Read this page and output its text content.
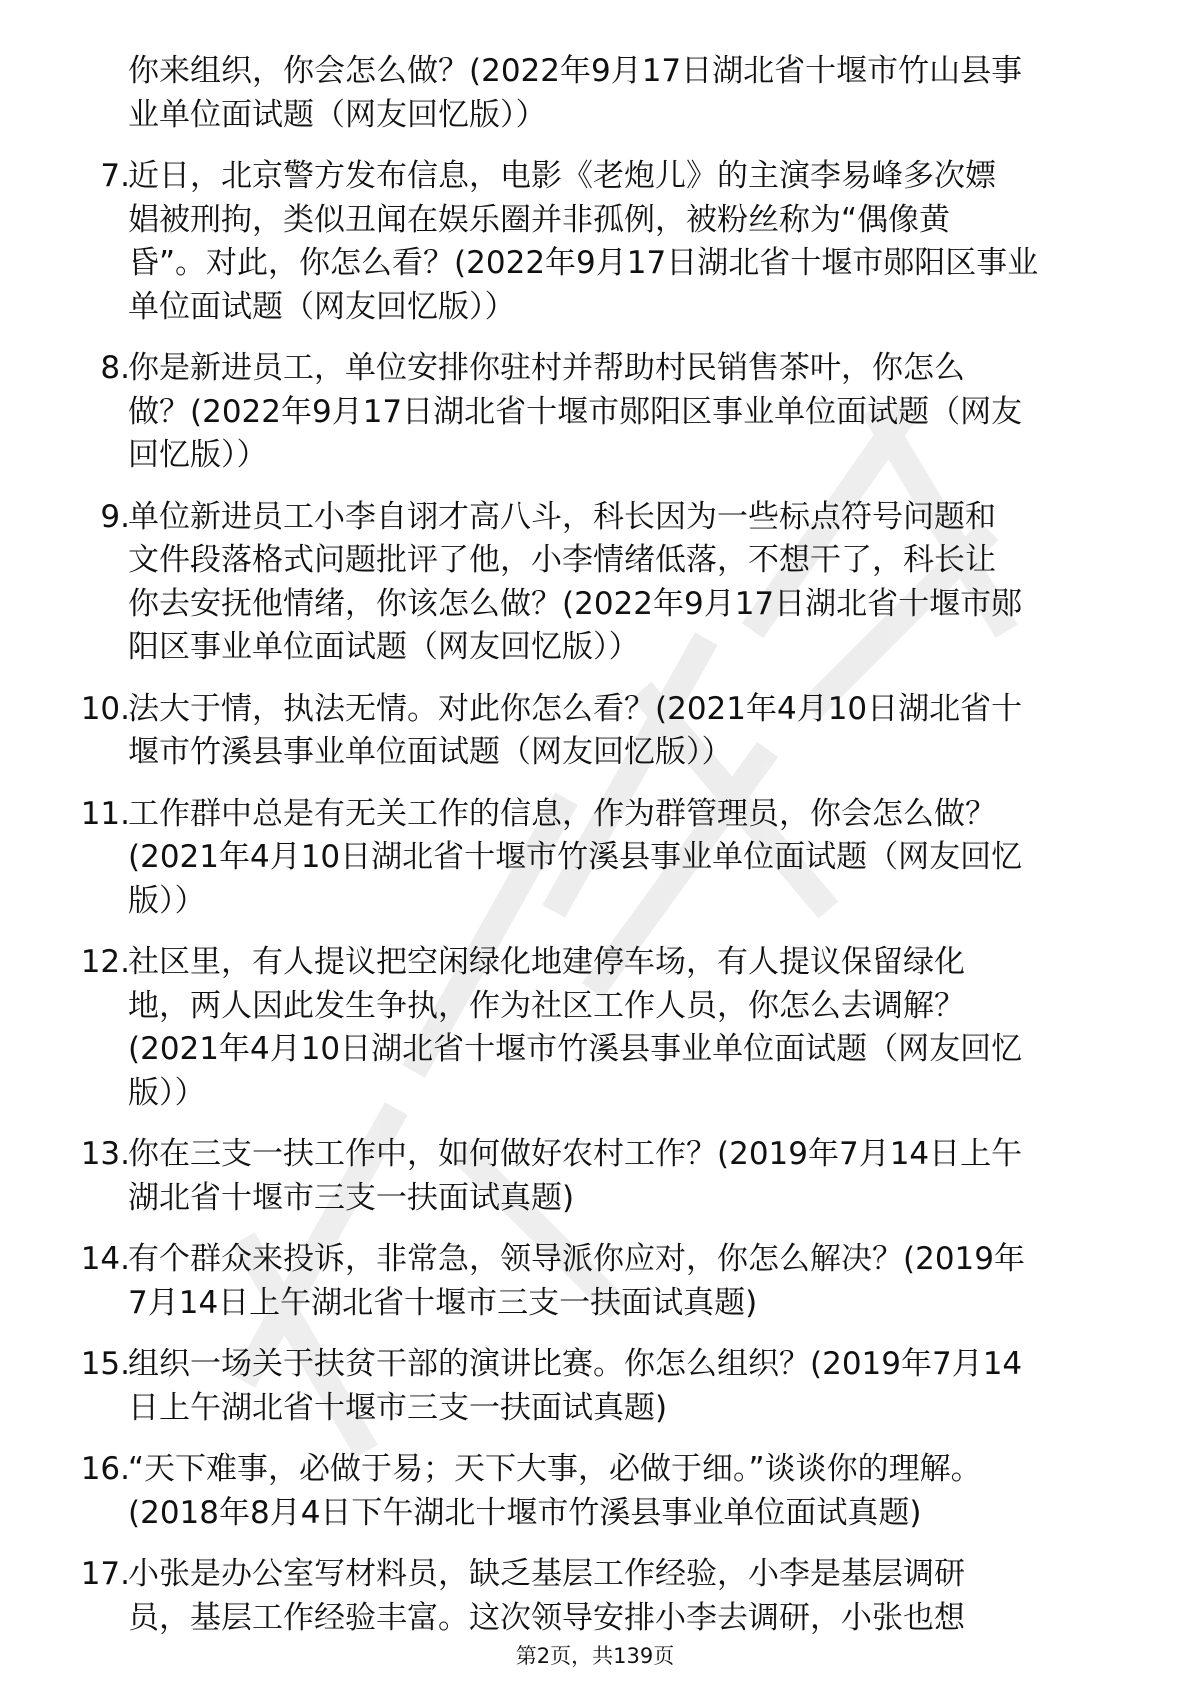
你来组织，你会怎么做？(2022年9月17日湖北省十堰市竹山县事
业单位面试题（网友回忆版））
7.
近日，北京警方发布信息，电影《老炮儿》的主演李易峰多次嫖
娼被刑拘，类似丑闻在娱乐圈并非孤例，被粉丝称为“偶像黄
昏”。对此，你怎么看？(2022年9月17日湖北省十堰市郧阳区事业
单位面试题（网友回忆版））
8.
你是新进员工，单位安排你驻村并帮助村民销售茶叶，你怎么
做？(2022年9月17日湖北省十堰市郧阳区事业单位面试题（网友
回忆版））
9.
单位新进员工小李自诩才高八斗，科长因为一些标点符号问题和
文件段落格式问题批评了他，小李情绪低落，不想干了，科长让
你去安抚他情绪，你该怎么做？(2022年9月17日湖北省十堰市郧
阳区事业单位面试题（网友回忆版））
10.
法大于情，执法无情。对此你怎么看？(2021年4月10日湖北省十
堰市竹溪县事业单位面试题（网友回忆版））
11.
工作群中总是有无关工作的信息，作为群管理员，你会怎么做？
(2021年4月10日湖北省十堰市竹溪县事业单位面试题（网友回忆
版））
12.
社区里，有人提议把空闲绿化地建停车场，有人提议保留绿化
地，两人因此发生争执，作为社区工作人员，你怎么去调解？
(2021年4月10日湖北省十堰市竹溪县事业单位面试题（网友回忆
版））
13.
你在三支一扶工作中，如何做好农村工作？(2019年7月14日上午
湖北省十堰市三支一扶面试真题)
14.
有个群众来投诉，非常急，领导派你应对，你怎么解决？(2019年
7月14日上午湖北省十堰市三支一扶面试真题)
15.
组织一场关于扶贫干部的演讲比赛。你怎么组织？(2019年7月14
日上午湖北省十堰市三支一扶面试真题)
16.
“天下难事，必做于易；天下大事，必做于细。”谈谈你的理解。
(2018年8月4日下午湖北十堰市竹溪县事业单位面试真题)
17.
小张是办公室写材料员，缺乏基层工作经验，小李是基层调研
员，基层工作经验丰富。这次领导安排小李去调研，小张也想
第2页，共139页
